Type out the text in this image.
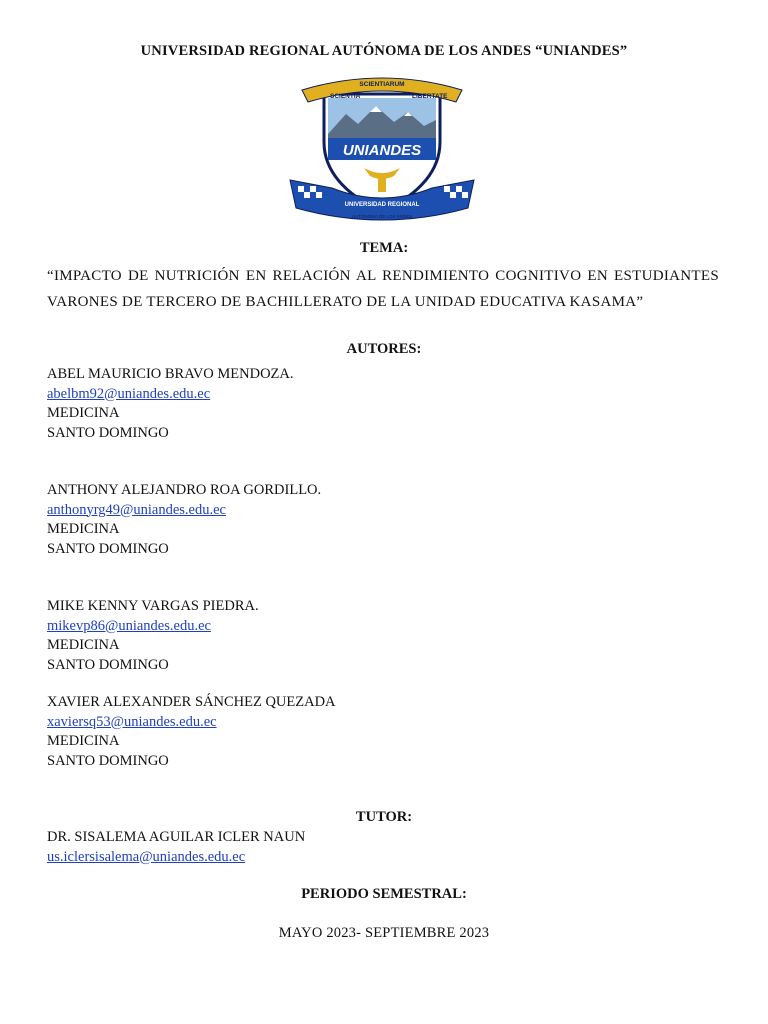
UNIVERSIDAD REGIONAL AUTÓNOMA DE LOS ANDES “UNIANDES”
UNIANDES
SCIENTIA
SCIENTIARUM
LIBERTATE
UNIVERSIDAD REGIONAL
AUTÓNOMA DE LOS ANDES
TEMA:
“IMPACTO DE NUTRICIÓN EN RELACIÓN AL RENDIMIENTO COGNITIVO EN ESTUDIANTES VARONES DE TERCERO DE BACHILLERATO DE LA UNIDAD EDUCATIVA KASAMA”
AUTORES:
ABEL MAURICIO BRAVO MENDOZA.
abelbm92@uniandes.edu.ec
MEDICINA
SANTO DOMINGO
ANTHONY ALEJANDRO ROA GORDILLO.
anthonyrg49@uniandes.edu.ec
MEDICINA
SANTO DOMINGO
MIKE KENNY VARGAS PIEDRA.
mikevp86@uniandes.edu.ec
MEDICINA
SANTO DOMINGO
XAVIER ALEXANDER SÁNCHEZ QUEZADA
xaviersq53@uniandes.edu.ec
MEDICINA
SANTO DOMINGO
TUTOR:
DR. SISALEMA AGUILAR ICLER NAUN
us.iclersisalema@uniandes.edu.ec
PERIODO SEMESTRAL:
MAYO 2023- SEPTIEMBRE 2023
